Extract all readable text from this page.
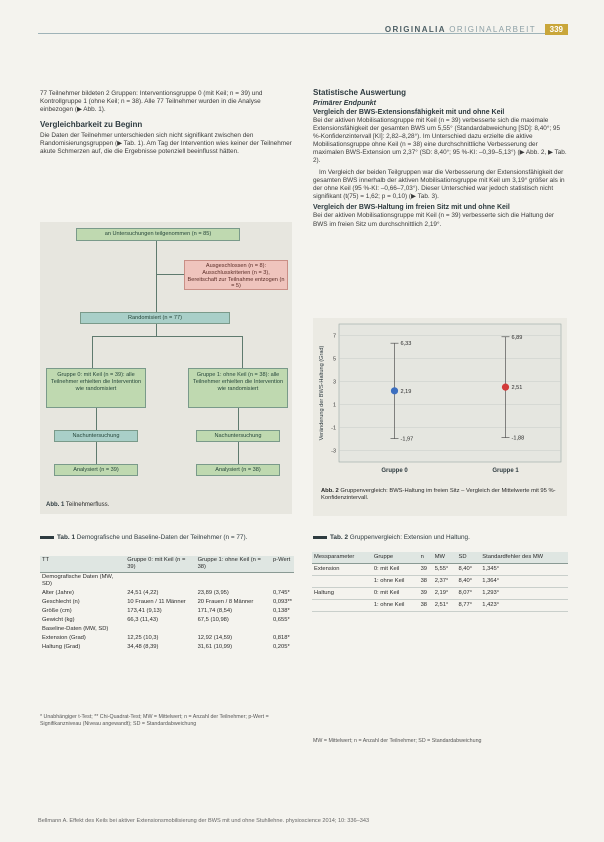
ORIGINALIA ORIGINALARBEIT 339

77 Teilnehmer bildeten 2 Gruppen: Interventionsgruppe 0 (mit Keil; n = 39) und Kontrollgruppe 1 (ohne Keil; n = 38). Alle 77 Teilnehmer wurden in die Analyse einbezogen (▶ Abb. 1).

Vergleichbarkeit zu Beginn

Die Daten der Teilnehmer unterschieden sich nicht signifikant zwischen den Randomisierungsgruppen (▶ Tab. 1). Am Tag der Intervention wies keiner der Teilnehmer akute Schmerzen auf, die die Ergebnisse potenziell beeinflusst hätten.

Statistische Auswertung
Primärer Endpunkt
Vergleich der BWS-Extensionsfähigkeit mit und ohne Keil

Bei der aktiven Mobilisationsgruppe mit Keil (n = 39) verbesserte sich die maximale Extensionsfähigkeit der gesamten BWS um 5,55° (Standardabweichung [SD]: 8,40°; 95 %-Konfidenzintervall [KI]: 2,82–8,28°). Im Unterschied dazu erzielte die aktive Mobilisationsgruppe ohne Keil (n = 38) eine durchschnittliche Verbesserung der maximalen BWS-Extension um 2,37° (SD: 8,40°; 95 %-KI: –0,39–5,13°) (▶ Abb. 2, ▶ Tab. 2).

Im Vergleich der beiden Teilgruppen war die Verbesserung der Extensionsfähigkeit der gesamten BWS innerhalb der aktiven Mobilisationsgruppe mit Keil um 3,19° größer als in der ohne Keil (95 %-KI: –0,66–7,03°). Dieser Unterschied war jedoch statistisch nicht signifikant (t(75) = 1,62; p = 0,10) (▶ Tab. 3).

Vergleich der BWS-Haltung im freien Sitz mit und ohne Keil

Bei der aktiven Mobilisationsgruppe mit Keil (n = 39) verbesserte sich die Haltung der BWS im freien Sitz um durchschnittlich 2,19°.

an Untersuchungen teilgenommen (n = 85)
Ausgeschlossen (n = 8): Ausschlusskriterien (n = 3), Bereitschaft zur Teilnahme entzogen (n = 5)
Randomisiert (n = 77)
Gruppe 0: mit Keil (n = 39): alle Teilnehmer erhielten die Intervention wie randomisiert
Gruppe 1: ohne Keil (n = 38): alle Teilnehmer erhielten die Intervention wie randomisiert
Nachuntersuchung	Nachuntersuchung
Analysiert (n = 39)	Analysiert (n = 38)
Abb. 1 Teilnehmerfluss.
-3
-1
1
3
5
7
2,19
6,33
-1,97
2,51
6,89
-1,88
Gruppe 0	Gruppe 1
Veränderung der BWS-Haltung (Grad)
Abb. 2 Gruppenvergleich: BWS-Haltung im freien Sitz – Vergleich der Mittelwerte mit 95 %-Konfidenzintervall.
Tab. 1 Demografische und Baseline-Daten der Teilnehmer (n = 77).
TT	Gruppe 0: mit Keil (n = 39)	Gruppe 1: ohne Keil (n = 38)	p-Wert
Demografische Daten (MW, SD)			
Alter (Jahre)	24,51 (4,22)	23,89 (3,95)	0,745*
Geschlecht (n)	10 Frauen / 11 Männer	20 Frauen / 8 Männer	0,093**
Größe (cm)	173,41 (9,13)	171,74 (8,54)	0,138*
Gewicht (kg)	66,3 (11,43)	67,5 (10,98)	0,655*
Baseline-Daten (MW, SD)			
Extension (Grad)	12,25 (10,3)	12,92 (14,59)	0,818*
Haltung (Grad)	34,48 (8,39)	31,61 (10,99)	0,205*
* Unabhängiger t-Test; ** Chi-Quadrat-Test; MW = Mittelwert; n = Anzahl der Teilnehmer; p-Wert = Signifikanzniveau (Niveau angewandt); SD = Standardabweichung
Tab. 2 Gruppenvergleich: Extension und Haltung.
Messparameter	Gruppe	n	MW	SD	Standardfehler des MW
Extension	0: mit Keil	39	5,55°	8,40°	1,345°
	1: ohne Keil	38	2,37°	8,40°	1,364°
Haltung	0: mit Keil	39	2,19°	8,07°	1,293°
	1: ohne Keil	38	2,51°	8,77°	1,423°
MW = Mittelwert; n = Anzahl der Teilnehmer; SD = Standardabweichung
Bellmann A. Effekt des Keils bei aktiver Extensionsmobilisierung der BWS mit und ohne Stuhllehne. physioscience 2014; 10: 336–343
